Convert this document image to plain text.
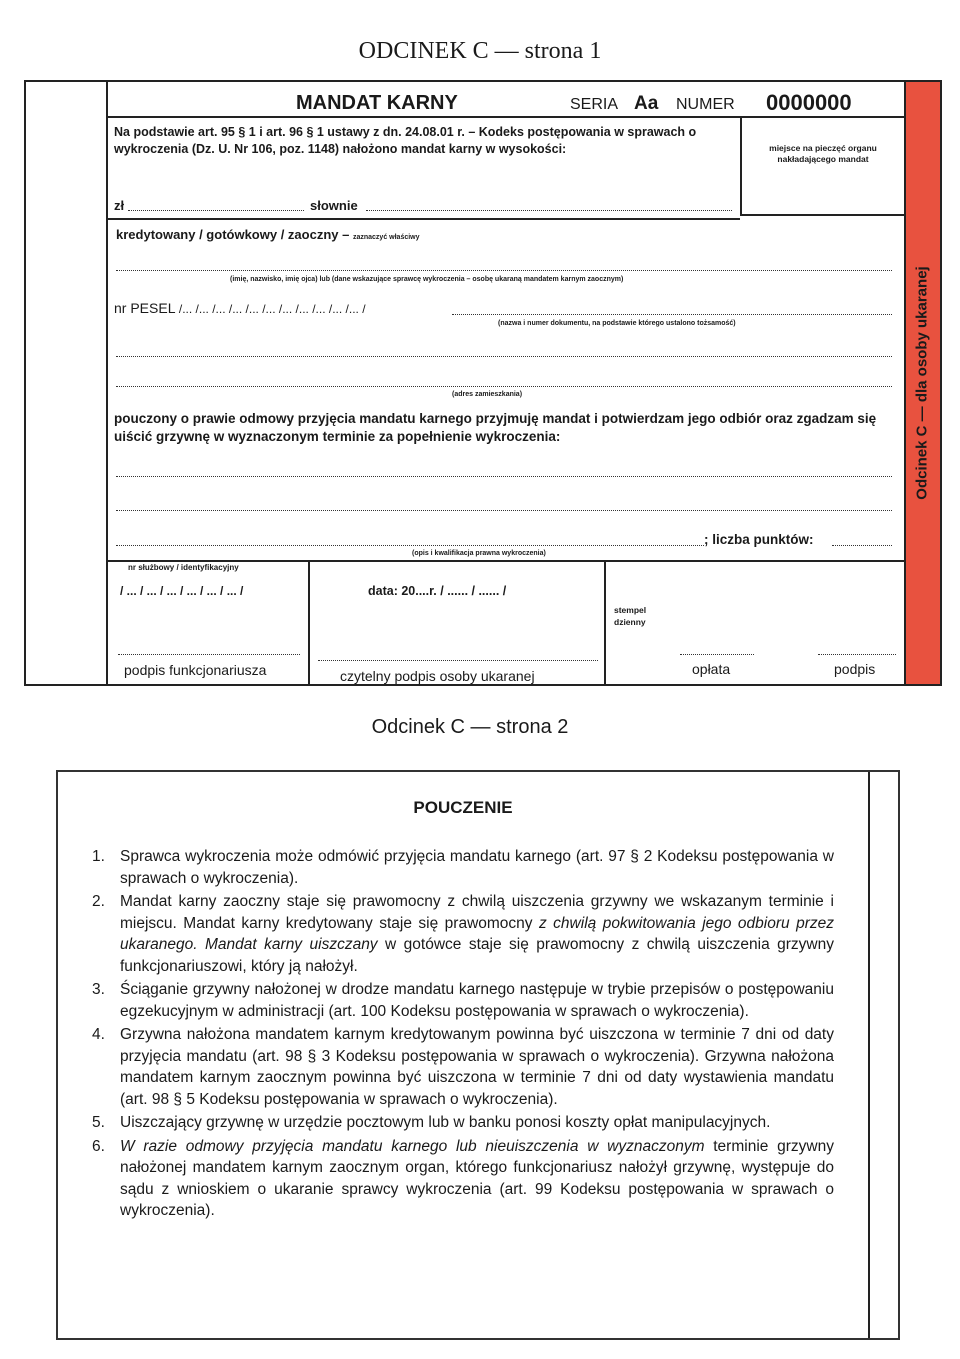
ODCINEK C — strona 1
Odcinek C — dla osoby ukaranej
MANDAT KARNY	SERIA Aa NUMER 0000000
Na podstawie art. 95 § 1 i art. 96 § 1 ustawy z dn. 24.08.01 r. – Kodeks postępowania w sprawach o wykroczenia (Dz. U. Nr 106, poz. 1148) nałożono mandat karny w wysokości:	miejsce na pieczęć organu nakładającego mandat
zł	słownie
kredytowany / gotówkowy / zaoczny – zaznaczyć właściwy
(imię, nazwisko, imię ojca) lub (dane wskazujące sprawcę wykroczenia – osobę ukaraną mandatem karnym zaocznym)
nr PESEL /... /... /... /... /... /... /... /... /... /... /... /
(nazwa i numer dokumentu, na podstawie którego ustalono tożsamość)
(adres zamieszkania)
pouczony o prawie odmowy przyjęcia mandatu karnego przyjmuję mandat i potwierdzam jego odbiór oraz zgadzam się uiścić grzywnę w wyznaczonym terminie za popełnienie wykroczenia:
; liczba punktów:
(opis i kwalifikacja prawna wykroczenia)
nr służbowy / identyfikacyjny
/ ... / ... / ... / ... / ... / ... /	data: 20....r. / ...... / ...... /
stempel dzienny
podpis funkcjonariusza	czytelny podpis osoby ukaranej	opłata	podpis
Odcinek C — strona 2
POUCZENIE
1. Sprawca wykroczenia może odmówić przyjęcia mandatu karnego (art. 97 § 2 Kodeksu postępowania w sprawach o wykroczenia).
2. Mandat karny zaoczny staje się prawomocny z chwilą uiszczenia grzywny we wskazanym terminie i miejscu. Mandat karny kredytowany staje się prawomocny z chwilą pokwitowania jego odbioru przez ukaranego. Mandat karny uiszczany w gotówce staje się prawomocny z chwilą uiszczenia grzywny funkcjonariuszowi, który ją nałożył.
3. Ściąganie grzywny nałożonej w drodze mandatu karnego następuje w trybie przepisów o postępowaniu egzekucyjnym w administracji (art. 100 Kodeksu postępowania w sprawach o wykroczenia).
4. Grzywna nałożona mandatem karnym kredytowanym powinna być uiszczona w terminie 7 dni od daty przyjęcia mandatu (art. 98 § 3 Kodeksu postępowania w sprawach o wykroczenia). Grzywna nałożona mandatem karnym zaocznym powinna być uiszczona w terminie 7 dni od daty wystawienia mandatu (art. 98 § 5 Kodeksu postępowania w sprawach o wykroczenia).
5. Uiszczający grzywnę w urzędzie pocztowym lub w banku ponosi koszty opłat manipulacyjnych.
6. W razie odmowy przyjęcia mandatu karnego lub nieuiszczenia w wyznaczonym terminie grzywny nałożonej mandatem karnym zaocznym organ, którego funkcjonariusz nałożył grzywnę, występuje do sądu z wnioskiem o ukaranie sprawcy wykroczenia (art. 99 Kodeksu postępowania w sprawach o wykroczenia).
